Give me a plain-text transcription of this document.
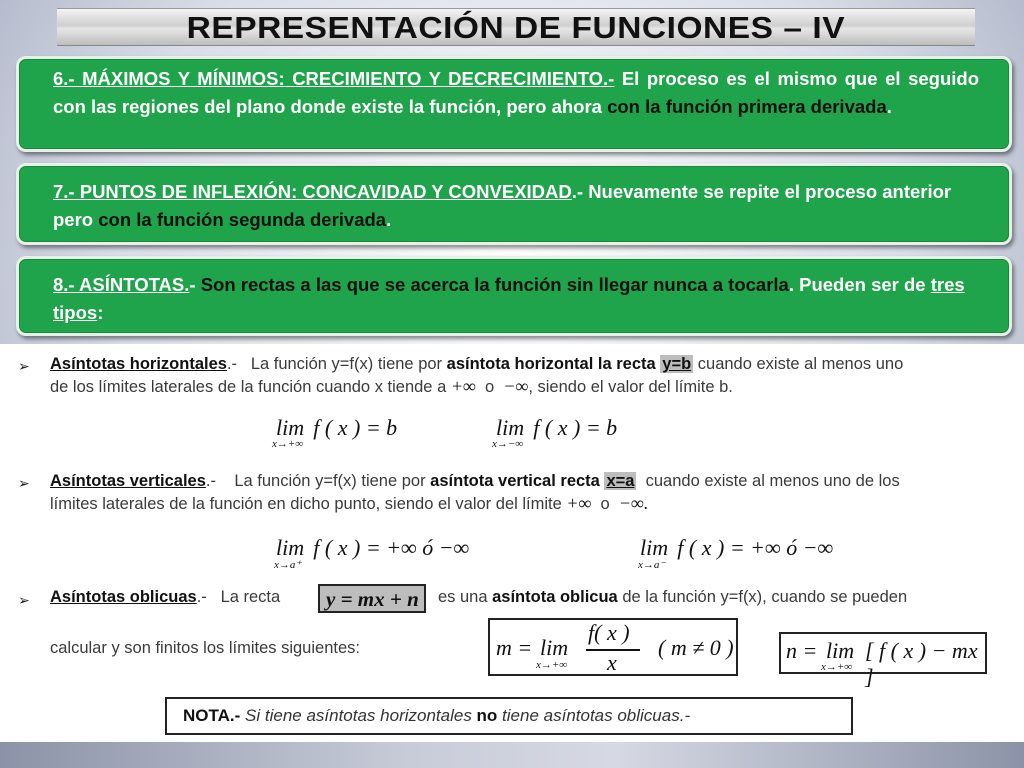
REPRESENTACIÓN DE FUNCIONES – IV
6.- MÁXIMOS Y MÍNIMOS: CRECIMIENTO Y DECRECIMIENTO.- El proceso es el mismo que el seguido con las regiones del plano donde existe la función, pero ahora con la función primera derivada.
7.- PUNTOS DE INFLEXIÓN: CONCAVIDAD Y CONVEXIDAD.- Nuevamente se repite el proceso anterior pero con la función segunda derivada.
8.- ASÍNTOTAS.- Son rectas a las que se acerca la función sin llegar nunca a tocarla. Pueden ser de tres tipos:
➢ Asíntotas horizontales.- La función y=f(x) tiene por asíntota horizontal la recta y=b cuando existe al menos uno
de los límites laterales de la función cuando x tiende a +∞ o −∞, siendo el valor del límite b.
lim f ( x ) = b
x→+∞
lim f ( x ) = b
x→−∞
➢ Asíntotas verticales.- La función y=f(x) tiene por asíntota vertical recta x=a cuando existe al menos uno de los
límites laterales de la función en dicho punto, siendo el valor del límite +∞ o −∞.
lim f ( x ) = +∞ ó −∞
x→a⁺
lim f ( x ) = +∞ ó −∞
x→a⁻
➢ Asíntotas oblicuas.- La recta y = mx + n es una asíntota oblicua de la función y=f(x), cuando se pueden
calcular y son finitos los límites siguientes:	m = lim
x→+∞
f( x )
x
( m ≠ 0 ) n = lim
x→+∞
[ f ( x ) − mx ]
NOTA.- Si tiene asíntotas horizontales no tiene asíntotas oblicuas.-
